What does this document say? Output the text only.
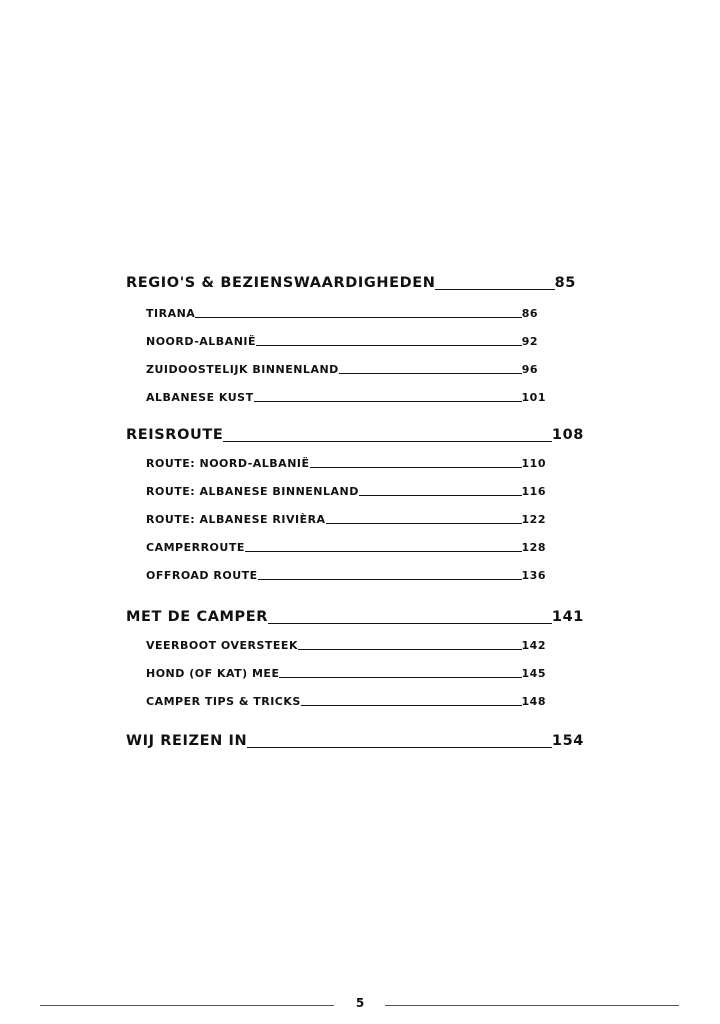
REGIO'S & BEZIENSWAARDIGHEDEN	85
TIRANA	86
NOORD-ALBANIË	92
ZUIDOOSTELIJK BINNENLAND	96
ALBANESE KUST	101
REISROUTE	108
ROUTE: NOORD-ALBANIË	110
ROUTE: ALBANESE BINNENLAND	116
ROUTE: ALBANESE RIVIÈRA	122
CAMPERROUTE	128
OFFROAD ROUTE	136
MET DE CAMPER	141
VEERBOOT OVERSTEEK	142
HOND (OF KAT) MEE	145
CAMPER TIPS & TRICKS	148
WIJ REIZEN IN	154
5
